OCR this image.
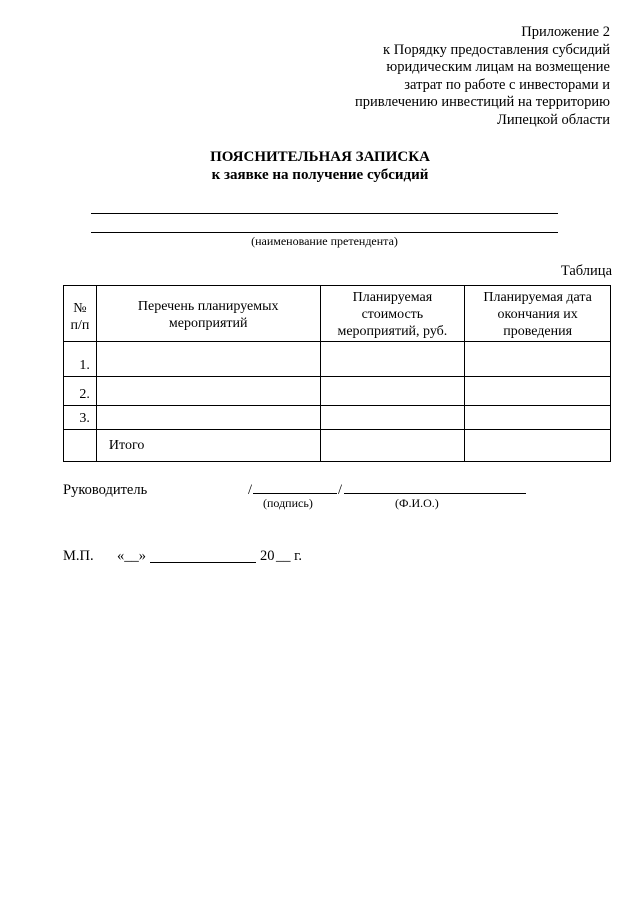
Приложение 2
к Порядку предоставления субсидий
юридическим лицам на возмещение
затрат по работе с инвесторами и
привлечению инвестиций на территорию
Липецкой области
ПОЯСНИТЕЛЬНАЯ ЗАПИСКА
к заявке на получение субсидий
(наименование претендента)
Таблица
№ п/п	Перечень планируемых мероприятий	Планируемая стоимость мероприятий, руб.	Планируемая дата окончания их проведения
1.			
2.			
3.			
	Итого		
Руководитель	/	/
(подпись)	(Ф.И.О.)
М.П. «__»	20 __ г.
